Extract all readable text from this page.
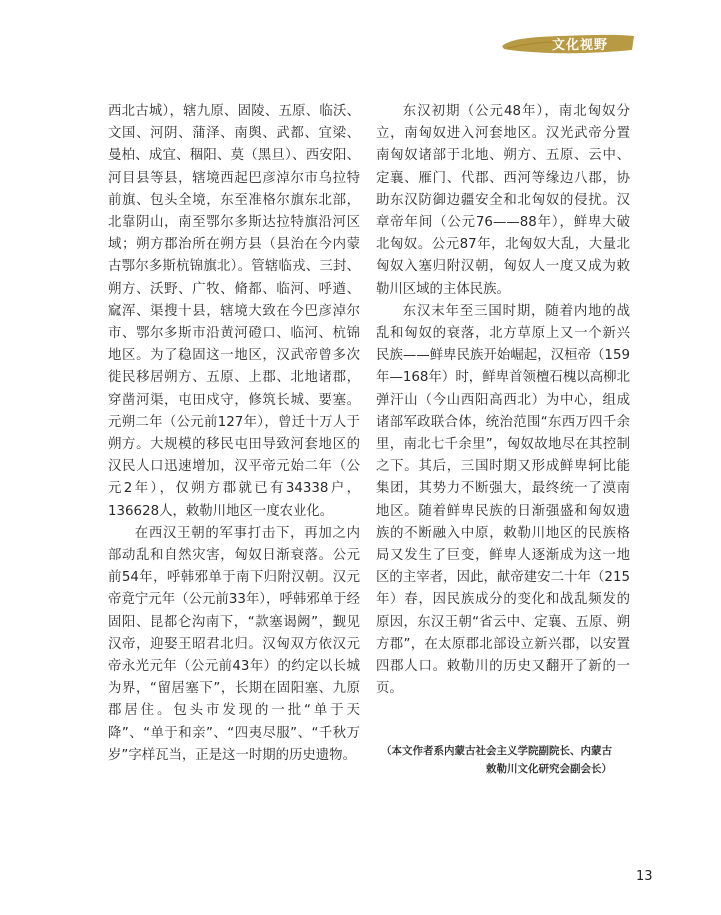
文化视野

西北古城），辖九原、固陵、五原、临沃、文国、河阴、蒲泽、南舆、武都、宜梁、曼柏、成宜、稒阳、莫（黑旦）、西安阳、河目县等县，辖境西起巴彦淖尔市乌拉特前旗、包头全境，东至准格尔旗东北部，北靠阴山，南至鄂尔多斯达拉特旗沿河区域；朔方郡治所在朔方县（县治在今内蒙古鄂尔多斯杭锦旗北）。管辖临戎、三封、朔方、沃野、广牧、脩都、临河、呼遒、窳浑、渠搜十县，辖境大致在今巴彦淖尔市、鄂尔多斯市沿黄河磴口、临河、杭锦地区。为了稳固这一地区，汉武帝曾多次徙民移居朔方、五原、上郡、北地诸郡，穿凿河渠，屯田戍守，修筑长城、要塞。元朔二年（公元前127年），曾迁十万人于朔方。大规模的移民屯田导致河套地区的汉民人口迅速增加，汉平帝元始二年（公元2年），仅朔方郡就已有34338户，136628人，敕勒川地区一度农业化。

在西汉王朝的军事打击下，再加之内部动乱和自然灾害，匈奴日渐衰落。公元前54年，呼韩邪单于南下归附汉朝。汉元帝竟宁元年（公元前33年），呼韩邪单于经固阳、昆都仑沟南下，“款塞谒阙”，觐见汉帝，迎娶王昭君北归。汉匈双方依汉元帝永光元年（公元前43年）的约定以长城为界，“留居塞下”，长期在固阳塞、九原郡居住。包头市发现的一批“单于天降”、“单于和亲”、“四夷尽服”、“千秋万岁”字样瓦当，正是这一时期的历史遗物。

东汉初期（公元48年），南北匈奴分立，南匈奴进入河套地区。汉光武帝分置南匈奴诸部于北地、朔方、五原、云中、定襄、雁门、代郡、西河等缘边八郡，协助东汉防御边疆安全和北匈奴的侵扰。汉章帝年间（公元76——88年），鲜卑大破北匈奴。公元87年，北匈奴大乱，大量北匈奴入塞归附汉朝，匈奴人一度又成为敕勒川区域的主体民族。

东汉末年至三国时期，随着内地的战乱和匈奴的衰落，北方草原上又一个新兴民族——鲜卑民族开始崛起，汉桓帝（159年—168年）时，鲜卑首领檀石槐以高柳北弹汗山（今山西阳高西北）为中心，组成诸部军政联合体，统治范围“东西万四千余里，南北七千余里”，匈奴故地尽在其控制之下。其后，三国时期又形成鲜卑轲比能集团，其势力不断强大，最终统一了漠南地区。随着鲜卑民族的日渐强盛和匈奴遗族的不断融入中原，敕勒川地区的民族格局又发生了巨变，鲜卑人逐渐成为这一地区的主宰者，因此，献帝建安二十年（215年）春，因民族成分的变化和战乱频发的原因，东汉王朝“省云中、定襄、五原、朔方郡”，在太原郡北部设立新兴郡，以安置四郡人口。敕勒川的历史又翻开了新的一页。

（本文作者系内蒙古社会主义学院副院长、内蒙古敕勒川文化研究会副会长）
13
